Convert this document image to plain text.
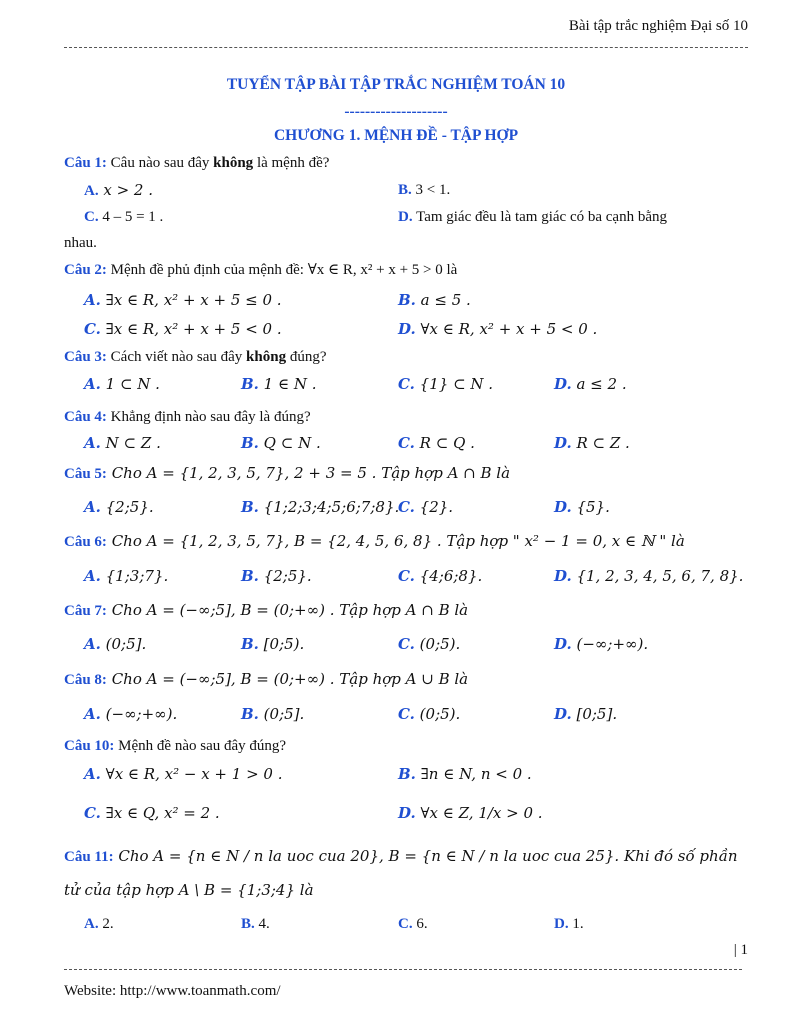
Bài tập trắc nghiệm Đại số 10
TUYỂN TẬP BÀI TẬP TRẮC NGHIỆM TOÁN 10
--------------------
CHƯƠNG 1. MỆNH ĐỀ - TẬP HỢP
Câu 1: Câu nào sau đây không là mệnh đề?
A. x > 2 .	B. 3 < 1.
C. 4 – 5 = 1 .	D. Tam giác đều là tam giác có ba cạnh bằng
nhau.
Câu 2: Mệnh đề phủ định của mệnh đề: ∀x ∈ R, x² + x + 5 > 0 là
A. ∃x ∈ R, x² + x + 5 ≤ 0 .	B. a ≤ 5 .
C. ∃x ∈ R, x² + x + 5 < 0 .	D. ∀x ∈ R, x² + x + 5 < 0 .
Câu 3: Cách viết nào sau đây không đúng?
A. 1 ⊂ N .	B. 1 ∈ N .	C. {1} ⊂ N .	D. a ≤ 2 .
Câu 4: Khẳng định nào sau đây là đúng?
A. N ⊂ Z .	B. Q ⊂ N .	C. R ⊂ Q .	D. R ⊂ Z .
Câu 5: Cho A = {1, 2, 3, 5, 7}, 2 + 3 = 5 . Tập hợp A ∩ B là
A. {2;5}.	B. {1;2;3;4;5;6;7;8}.
C. {2}.	D. {5}.
Câu 6: Cho A = {1, 2, 3, 5, 7}, B = {2, 4, 5, 6, 8} . Tập hợp " x² − 1 = 0, x ∈ ℕ " là
A. {1;3;7}.	B. {2;5}.	C. {4;6;8}.	D. {1, 2, 3, 4, 5, 6, 7, 8}.
Câu 7: Cho A = (−∞;5], B = (0;+∞) . Tập hợp A ∩ B là
A. (0;5].	B. [0;5).	C. (0;5).	D. (−∞;+∞).
Câu 8: Cho A = (−∞;5], B = (0;+∞) . Tập hợp A ∪ B là
A. (−∞;+∞).	B. (0;5].	C. (0;5).	D. [0;5].
Câu 10: Mệnh đề nào sau đây đúng?
A. ∀x ∈ R, x² − x + 1 > 0 .	B. ∃n ∈ N, n < 0 .
C. ∃x ∈ Q, x² = 2 .	D. ∀x ∈ Z, 1/x > 0 .
Câu 11: Cho A = {n ∈ N / n la uoc cua 20}, B = {n ∈ N / n la uoc cua 25}. Khi đó số phần
tử của tập hợp A \ B = {1;3;4} là
A. 2.	B. 4.	C. 6.	D. 1.
| 1
Website: http://www.toanmath.com/
